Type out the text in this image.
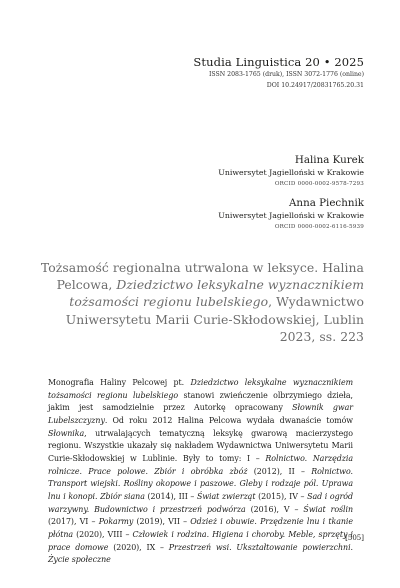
Studia Linguistica 20 • 2025
ISSN 2083-1765 (druk), ISSN 3072-1776 (online)
DOI 10.24917/20831765.20.31
Halina Kurek
Uniwersytet Jagielloński w Krakowie
ORCID 0000-0002-9578-7293
Anna Piechnik
Uniwersytet Jagielloński w Krakowie
ORCID 0000-0002-6116-5939
Tożsamość regionalna utrwalona w leksyce. Halina Pelcowa, Dziedzictwo leksykalne wyznacznikiem tożsamości regionu lubelskiego, Wydawnictwo Uniwersytetu Marii Curie-Skłodowskiej, Lublin 2023, ss. 223
Monografia Haliny Pelcowej pt. Dziedzictwo leksykalne wyznacznikiem tożsamości regionu lubelskiego stanowi zwieńczenie olbrzymiego dzieła, jakim jest samodzielnie przez Autorkę opracowany Słownik gwar Lubelszczyzny. Od roku 2012 Halina Pelcowa wydała dwanaście tomów Słownika, utrwalających tematyczną leksykę gwarową macierzystego regionu. Wszystkie ukazały się nakładem Wydawnictwa Uniwersytetu Marii Curie-Skłodowskiej w Lublinie. Były to tomy: I – Rolnictwo. Narzędzia rolnicze. Prace polowe. Zbiór i obróbka zbóż (2012), II – Rolnictwo. Transport wiejski. Rośliny okopowe i paszowe. Gleby i rodzaje pól. Uprawa lnu i konopi. Zbiór siana (2014), III – Świat zwierząt (2015), IV – Sad i ogród warzywny. Budownictwo i przestrzeń podwórza (2016), V – Świat roślin (2017), VI – Pokarmy (2019), VII – Odzież i obuwie. Przędzenie lnu i tkanie płótna (2020), VIII – Człowiek i rodzina. Higiena i choroby. Meble, sprzęty i prace domowe (2020), IX – Przestrzeń wsi. Ukształtowanie powierzchni. Życie społeczne
[505]
